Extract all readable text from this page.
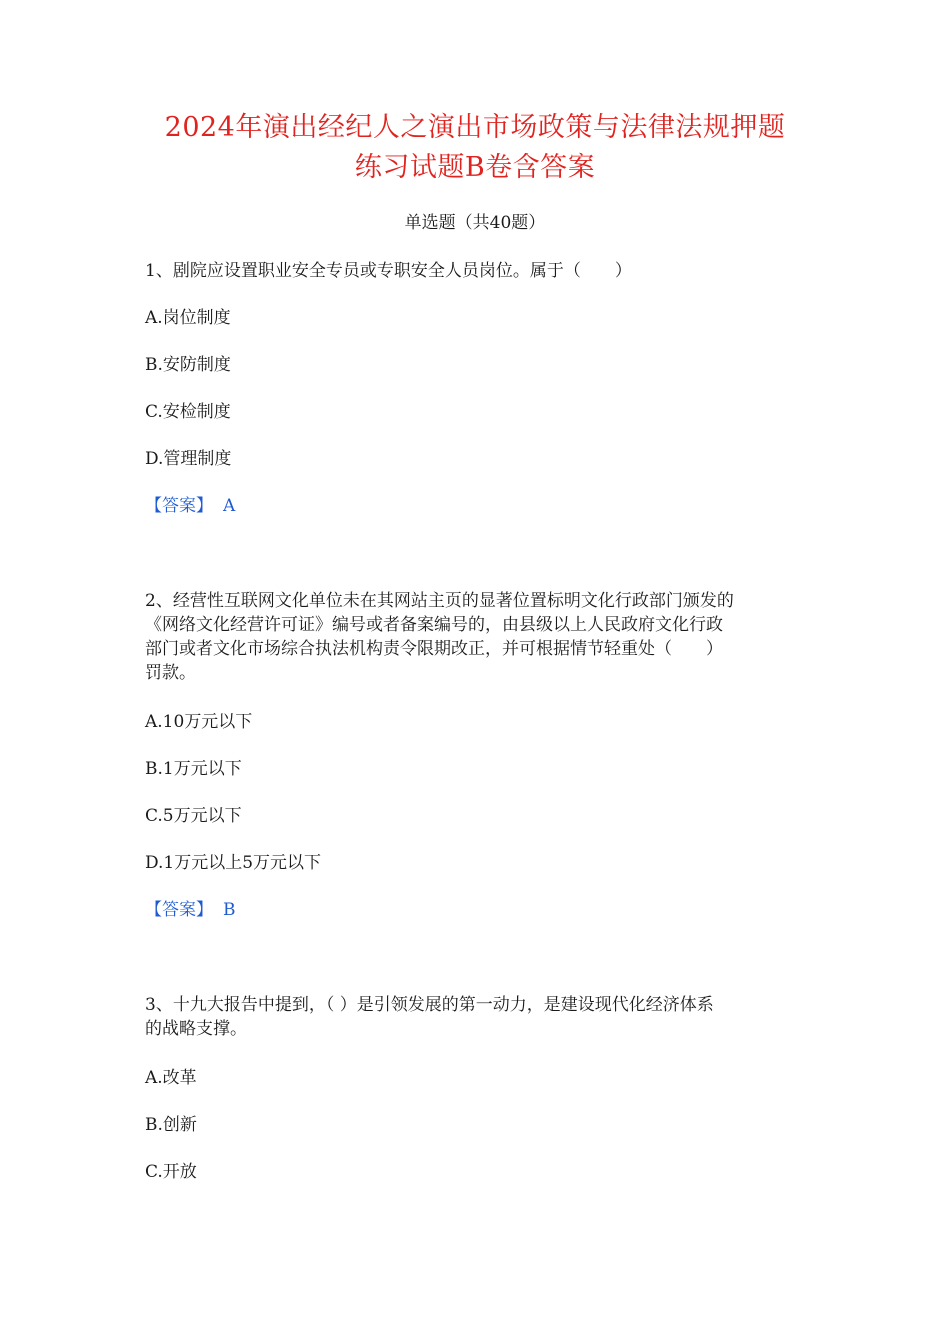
2024年演出经纪人之演出市场政策与法律法规押题
练习试题B卷含答案
单选题（共40题）
1、剧院应设置职业安全专员或专职安全人员岗位。属于（　　）
A.岗位制度
B.安防制度
C.安检制度
D.管理制度
【答案】 A
2、经营性互联网文化单位未在其网站主页的显著位置标明文化行政部门颁发的
《网络文化经营许可证》编号或者备案编号的，由县级以上人民政府文化行政
部门或者文化市场综合执法机构责令限期改正，并可根据情节轻重处（　　）
罚款。
A.10万元以下
B.1万元以下
C.5万元以下
D.1万元以上5万元以下
【答案】 B
3、十九大报告中提到，（ ）是引领发展的第一动力，是建设现代化经济体系
的战略支撑。
A.改革
B.创新
C.开放
